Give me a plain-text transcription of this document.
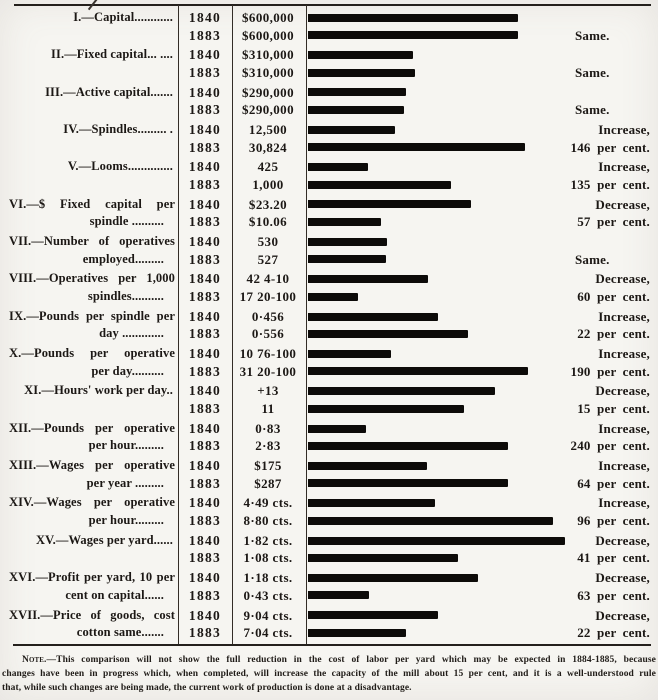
I.—Capital............	1840	$600,000
1883	$600,000	Same.
II.—Fixed capital... ....	1840	$310,000
1883	$310,000	Same.
III.—Active capital.......	1840	$290,000
1883	$290,000	Same.
IV.—Spindles......... .	1840	12,500	Increase,
1883	30,824	146 per cent.
V.—Looms..............	1840	425	Increase,
1883	1,000	135 per cent.
VI.—$ Fixed capital per	1840	$23.20	Decrease,
spindle ..........	1883	$10.06	57 per cent.
VII.—Number of operatives	1840	530
employed.........	1883	527	Same.
VIII.—Operatives per 1,000	1840	42 4-10	Decrease,
spindles..........	1883	17 20-100	60 per cent.
IX.—Pounds per spindle per	1840	0·456	Increase,
day .............	1883	0·556	22 per cent.
X.—Pounds per operative	1840	10 76-100	Increase,
per day..........	1883	31 20-100	190 per cent.
XI.—Hours' work per day..	1840	+13	Decrease,
1883	11	15 per cent.
XII.—Pounds per operative	1840	0·83	Increase,
per hour.........	1883	2·83	240 per cent.
XIII.—Wages per operative	1840	$175	Increase,
per year .........	1883	$287	64 per cent.
XIV.—Wages per operative	1840	4·49 cts.	Increase,
per hour.........	1883	8·80 cts.	96 per cent.
XV.—Wages per yard......	1840	1·82 cts.	Decrease,
1883	1·08 cts.	41 per cent.
XVI.—Profit per yard, 10 per	1840	1·18 cts.	Decrease,
cent on capital......	1883	0·43 cts.	63 per cent.
XVII.—Price of goods, cost	1840	9·04 cts.	Decrease,
cotton same.......	1883	7·04 cts.	22 per cent.
Note.—This comparison will not show the full reduction in the cost of labor per yard which may be expected in 1884-1885, because
changes have been in progress which, when completed, will increase the capacity of the mill about 15 per cent, and it is a well-understood rule
that, while such changes are being made, the current work of production is done at a disadvantage.
